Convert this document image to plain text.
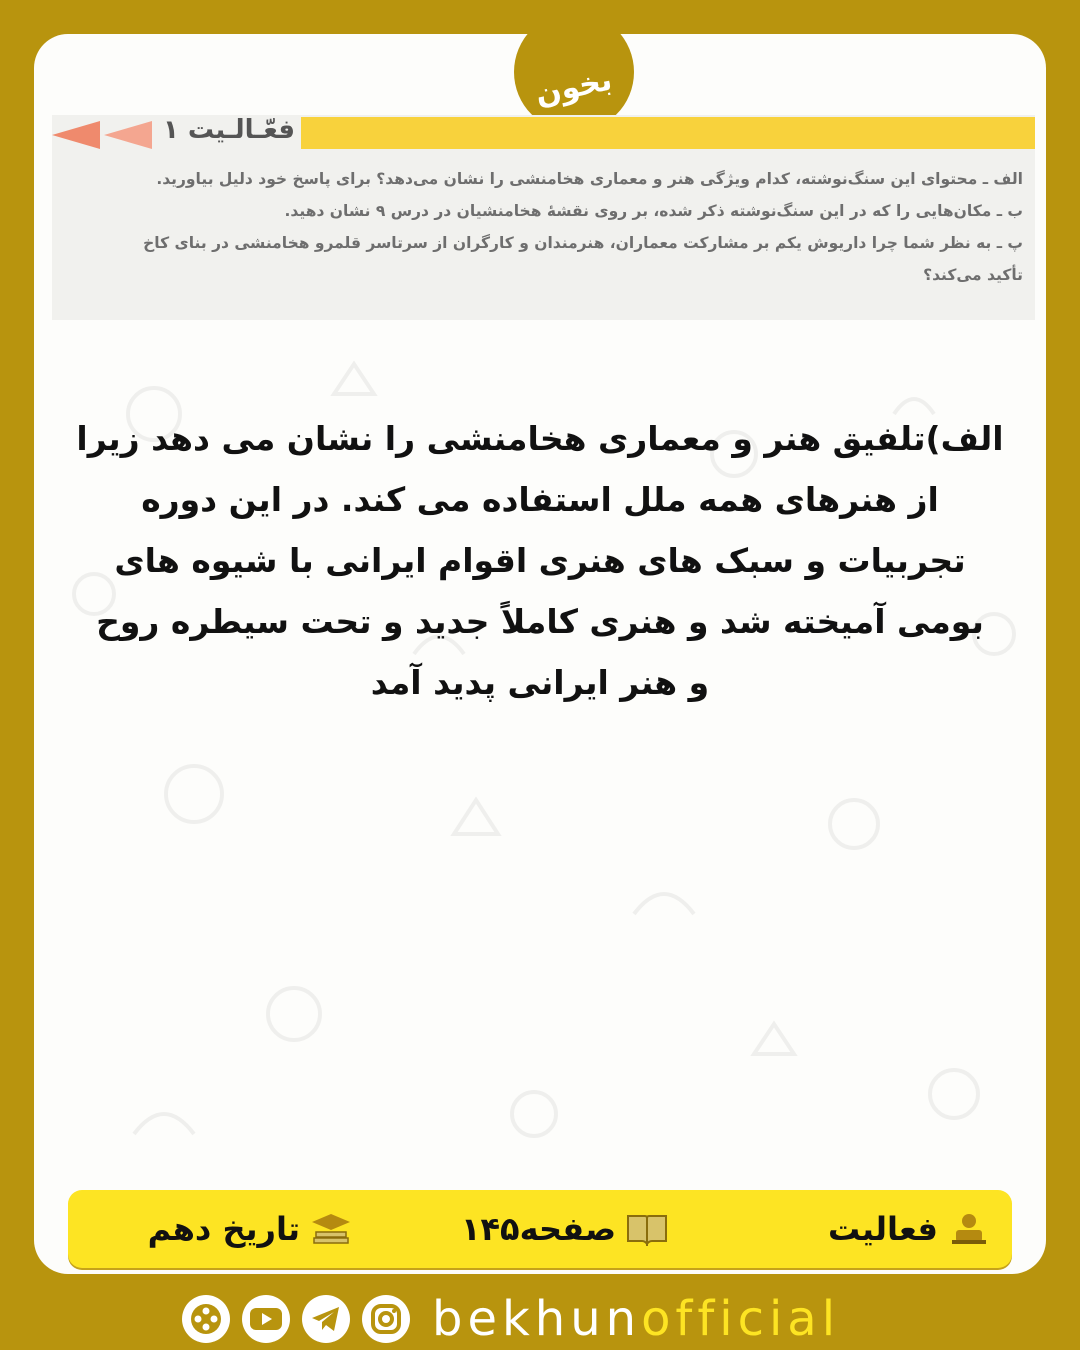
بخون
فعّـالـيت ۱
الف ـ محتوای این سنگ‌نوشته، کدام ویژگی هنر و معماری هخامنشی را نشان می‌دهد؟ برای پاسخ خود دلیل بیاورید.
ب ـ مکان‌هایی را که در این سنگ‌نوشته ذکر شده، بر روی نقشهٔ هخامنشیان در درس ۹ نشان دهید.
پ ـ به نظر شما چرا داریوش یکم بر مشارکت معماران، هنرمندان و کارگران از سرتاسر قلمرو هخامنشی در بنای کاخ
تأکید می‌کند؟
الف)تلفیق هنر و معماری هخامنشی را نشان می دهد زیرا
از هنرهای همه ملل استفاده می کند. در این دوره
تجربیات و سبک های هنری اقوام ایرانی با شیوه های
بومی آمیخته شد و هنری کاملاً جدید و تحت سیطره روح
و هنر ایرانی پدید آمد
فعالیت
صفحه۱۴۵
تاریخ دهم
bekhunofficial
